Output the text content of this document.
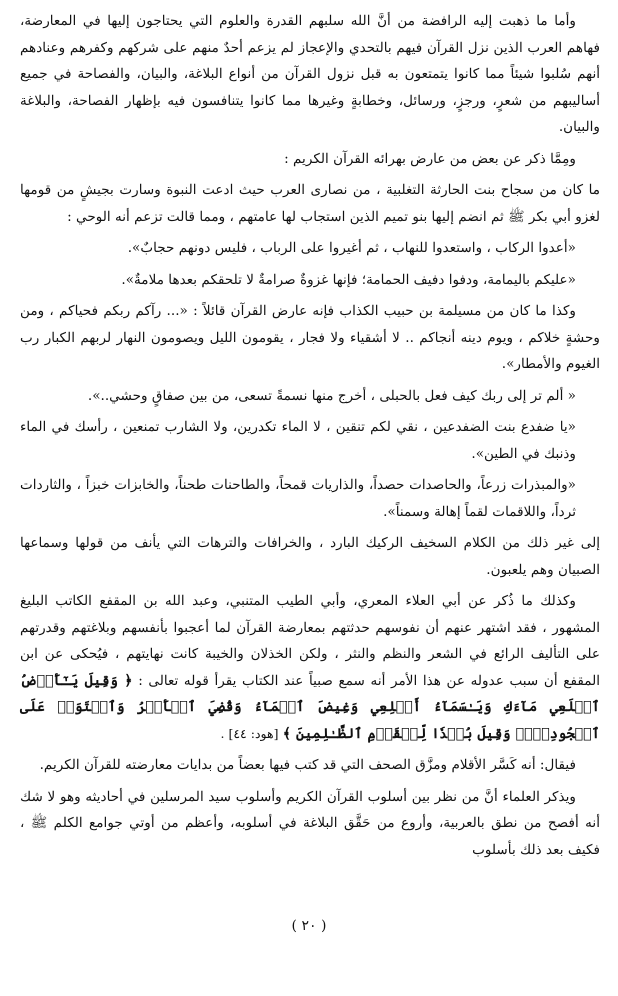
وأما ما ذهبت إليه الرافضة من أنَّ الله سلبهم القدرة والعلوم التي يحتاجون إليها في المعارضة، فهاهم العرب الذين نزل القرآن فيهم بالتحدي والإعجاز لم يزعم أحدٌ منهم على شركهم وكفرهم وعنادهم أنهم سُلبوا شيئاً مما كانوا يتمتعون به قبل نزول القرآن من أنواع البلاغة، والبيان، والفصاحة في جميع أساليبهم من شعرٍ، ورجزٍ، ورسائل، وخطابةٍ وغيرها مما كانوا يتنافسون فيه بإظهار الفصاحة، والبلاغة والبيان.

ومِمَّا ذكر عن بعض من عارض بهرائه القرآن الكريم :

ما كان من سجاح بنت الحارثة التغلبية ، من نصارى العرب حيث ادعت النبوة وسارت بجيشٍ من قومها لغزو أبي بكر ﷺ ثم انضم إليها بنو تميم الذين استجاب لها عامتهم ، ومما قالت تزعم أنه الوحي :

«أعدوا الركاب ، واستعدوا للنهاب ، ثم أغيروا على الرباب ، فليس دونهم حجابٌ».

«عليكم باليمامة، ودفوا دفيف الحمامة؛ فإنها غزوةٌ صرامةٌ لا تلحقكم بعدها ملامةٌ».

وكذا ما كان من مسيلمة بن حبيب الكذاب فإنه عارض القرآن قائلاً : «... رآكم ربكم فحياكم ، ومن وحشةٍ خلاكم ، ويوم دينه أنجاكم .. لا أشقياء ولا فجار ، يقومون الليل ويصومون النهار لربهم الكبار رب الغيوم والأمطار».

« ألم تر إلى ربك كيف فعل بالحبلى ، أخرج منها نسمةً تسعى، من بين صفاقٍ وحشي..».

«يا ضفدع بنت الضفدعين ، نقي لكم تنقين ، لا الماء تكدرين، ولا الشارب تمنعين ، رأسك في الماء وذنبك في الطين».

«والمبذرات زرعاً، والحاصدات حصداً، والذاريات قمحاً، والطاحنات طحناً، والخابزات خبزاً ، والثاردات ثرداً، واللاقمات لقماً إهالة وسمناً».

إلى غير ذلك من الكلام السخيف الركيك البارد ، والخرافات والترهات التي يأنف من قولها وسماعها الصبيان وهم يلعبون.

وكذلك ما ذُكر عن أبي العلاء المعري، وأبي الطيب المتنبي، وعبد الله بن المقفع الكاتب البليغ المشهور ، فقد اشتهر عنهم أن نفوسهم حدثتهم بمعارضة القرآن لما أعجبوا بأنفسهم وبلاغتهم وقدرتهم على التأليف الرائع في الشعر والنظم والنثر ، ولكن الخذلان والخيبة كانت نهايتهم ، فيُحكى عن ابن المقفع أن سبب عدوله عن هذا الأمر أنه سمع صبياً عند الكتاب يقرأ قوله تعالى : ﴿ وَقِيلَ يَـٰٓأَرۡضُ ٱبۡلَعِي مَآءَكِ وَيَـٰسَمَآءُ أَقۡلِعِي وَغِيضَ ٱلۡمَآءُ وَقُضِيَ ٱلۡأَمۡرُ وَٱسۡتَوَتۡ عَلَى ٱلۡجُودِيِّۖ وَقِيلَ بُعۡدٗا لِّلۡقَوۡمِ ٱلظَّـٰلِمِينَ ﴾ [هود: ٤٤] .

فيقال: أنه كَسَّر الأقلام ومزَّق الصحف التي قد كتب فيها بعضاً من بدايات معارضته للقرآن الكريم.

ويذكر العلماء أنَّ من نظر بين أسلوب القرآن الكريم وأسلوب سيد المرسلين في أحاديثه وهو لا شك أنه أفصح من نطق بالعربية، وأروع من حَقَّق البلاغة في أسلوبه، وأعظم من أوتي جوامع الكلم ﷺ ، فكيف بعد ذلك بأسلوب

( ٢٠ )
